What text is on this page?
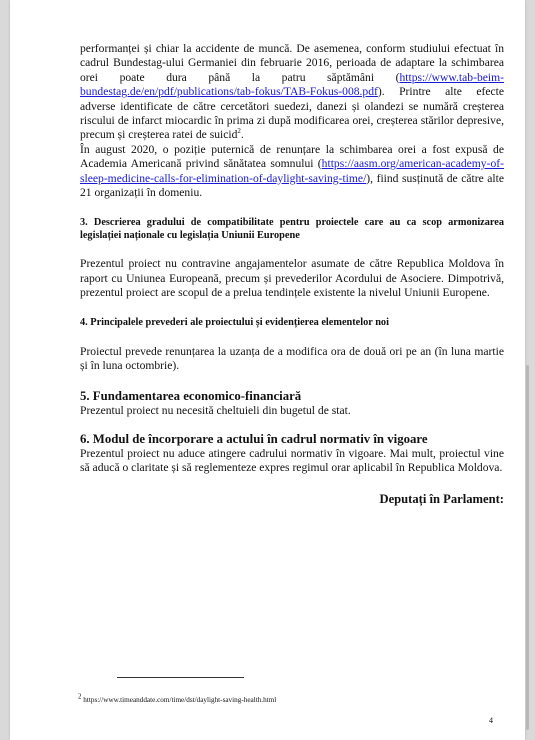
performanței și chiar la accidente de muncă. De asemenea, conform studiului efectuat în cadrul Bundestag-ului Germaniei din februarie 2016, perioada de adaptare la schimbarea orei poate dura până la patru săptămâni (https://www.tab-beim-bundestag.de/en/pdf/publications/tab-fokus/TAB-Fokus-008.pdf). Printre alte efecte adverse identificate de către cercetători suedezi, danezi și olandezi se numără creșterea riscului de infarct miocardic în prima zi după modificarea orei, creșterea stărilor depresive, precum și creșterea ratei de suicid$^2$.

În august 2020, o poziție puternică de renunțare la schimbarea orei a fost expusă de Academia Americană privind sănătatea somnului (https://aasm.org/american-academy-of-sleep-medicine-calls-for-elimination-of-daylight-saving-time/), fiind susținută de către alte 21 organizații în domeniu.

3. Descrierea gradului de compatibilitate pentru proiectele care au ca scop armonizarea legislației naționale cu legislația Uniunii Europene

Prezentul proiect nu contravine angajamentelor asumate de către Republica Moldova în raport cu Uniunea Europeană, precum și prevederilor Acordului de Asociere. Dimpotrivă, prezentul proiect are scopul de a prelua tendințele existente la nivelul Uniunii Europene.

4. Principalele prevederi ale proiectului și evidențierea elementelor noi

Proiectul prevede renunțarea la uzanța de a modifica ora de două ori pe an (în luna martie și în luna octombrie).

5. Fundamentarea economico-financiară

Prezentul proiect nu necesită cheltuieli din bugetul de stat.

6. Modul de încorporare a actului în cadrul normativ în vigoare

Prezentul proiect nu aduce atingere cadrului normativ în vigoare. Mai mult, proiectul vine să aducă o claritate și să reglementeze expres regimul orar aplicabil în Republica Moldova.

Deputați în Parlament:

$^2$ https://www.timeanddate.com/time/dst/daylight-saving-health.html
4
